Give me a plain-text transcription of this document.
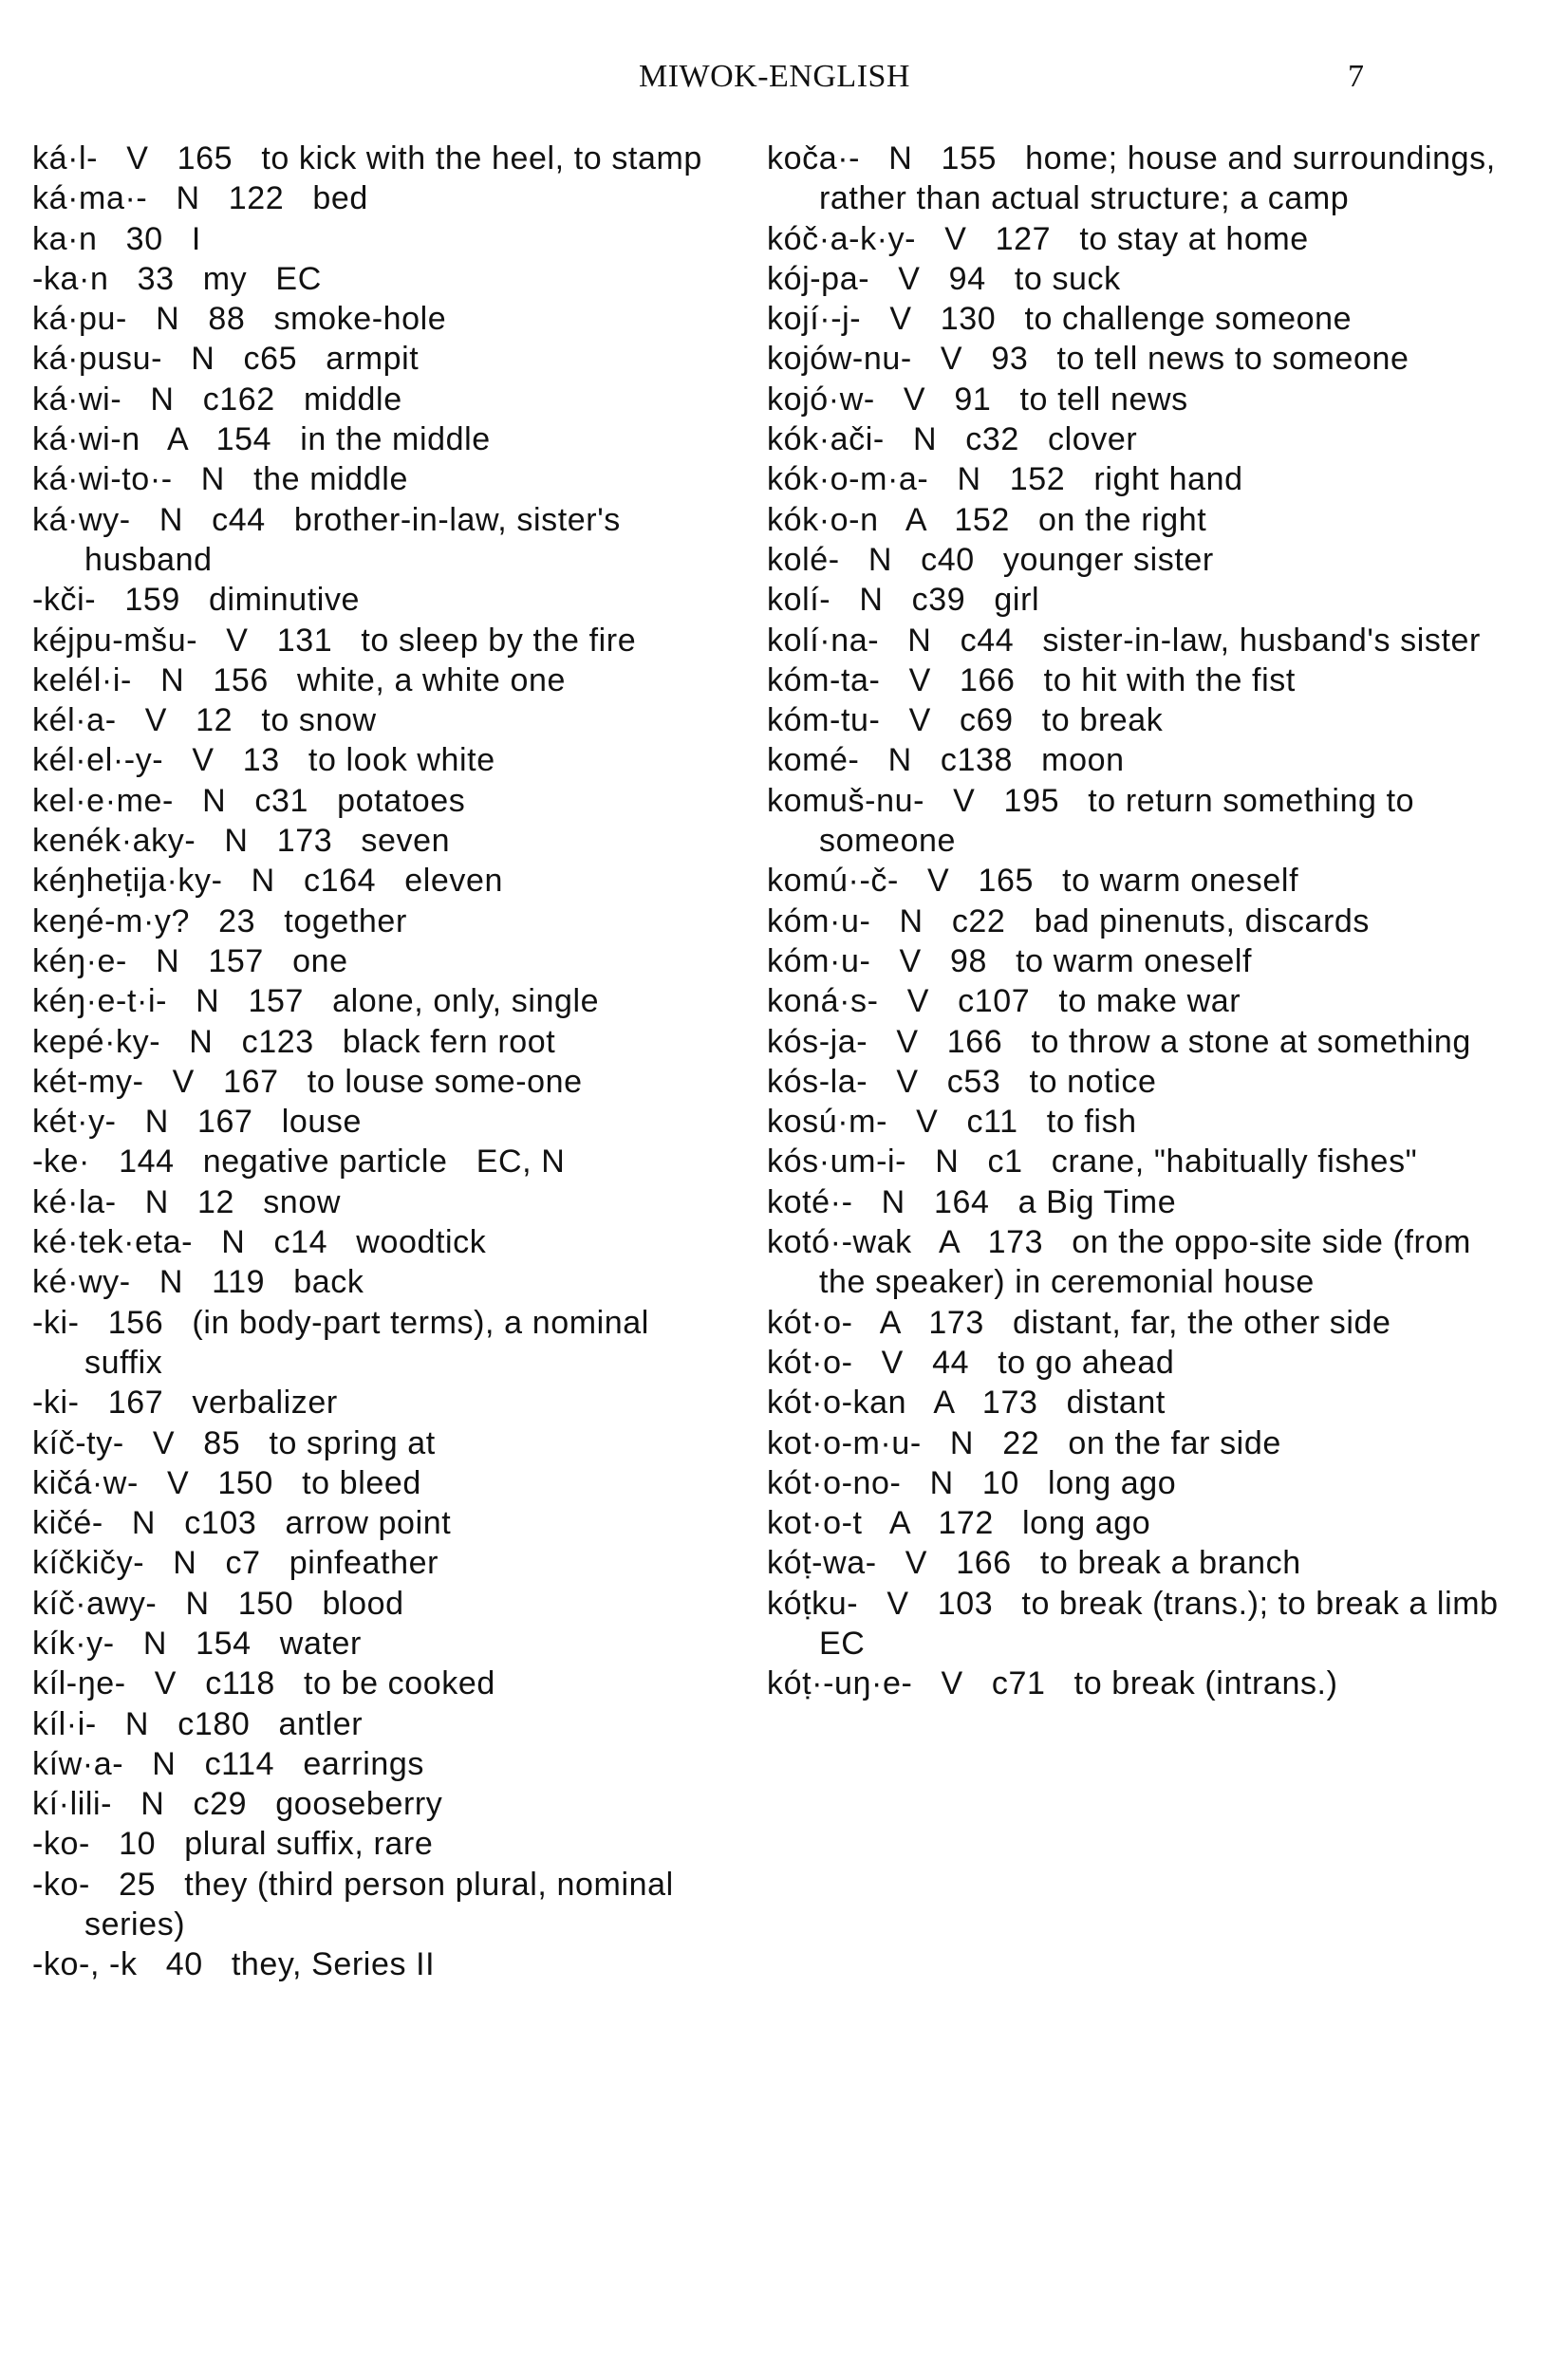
MIWOK-ENGLISH	7

ká·l-   V   165   to kick with the heel, to stamp

ká·ma·-   N   122   bed

ka·n   30   I

-ka·n   33   my   EC

ká·pu-   N   88   smoke-hole

ká·pusu-   N   c65   armpit

ká·wi-   N   c162   middle

ká·wi-n   A   154   in the middle

ká·wi-to·-   N   the middle

ká·wy-   N   c44   brother-in-law, sister's husband

-kči-   159   diminutive

kéjpu-mšu-   V   131   to sleep by the fire

kelél·i-   N   156   white, a white one

kél·a-   V   12   to snow

kél·el·-y-   V   13   to look white

kel·e·me-   N   c31   potatoes

kenék·aky-   N   173   seven

kéŋheṭija·ky-   N   c164   eleven

keŋé-m·y?   23   together

kéŋ·e-   N   157   one

kéŋ·e-t·i-   N   157   alone, only, single

kepé·ky-   N   c123   black fern root

két-my-   V   167   to louse some-one

két·y-   N   167   louse

-ke·   144   negative particle   EC, N

ké·la-   N   12   snow

ké·tek·eta-   N   c14   woodtick

ké·wy-   N   119   back

-ki-   156   (in body-part terms), a nominal suffix

-ki-   167   verbalizer

kíč-ty-   V   85   to spring at

kičá·w-   V   150   to bleed

kičé-   N   c103   arrow point

kíčkičy-   N   c7   pinfeather

kíč·awy-   N   150   blood

kík·y-   N   154   water

kíl-ŋe-   V   c118   to be cooked

kíl·i-   N   c180   antler

kíw·a-   N   c114   earrings

kí·lili-   N   c29   gooseberry

-ko-   10   plural suffix, rare

-ko-   25   they (third person plural, nominal series)

-ko-, -k   40   they, Series II

koča·-   N   155   home; house and surroundings, rather than actual structure; a camp

kóč·a-k·y-   V   127   to stay at home

kój-pa-   V   94   to suck

kojí·-j-   V   130   to challenge someone

kojów-nu-   V   93   to tell news to someone

kojó·w-   V   91   to tell news

kók·ači-   N   c32   clover

kók·o-m·a-   N   152   right hand

kók·o-n   A   152   on the right

kolé-   N   c40   younger sister

kolí-   N   c39   girl

kolí·na-   N   c44   sister-in-law, husband's sister

kóm-ta-   V   166   to hit with the fist

kóm-tu-   V   c69   to break

komé-   N   c138   moon

komuš-nu-   V   195   to return something to someone

komú·-č-   V   165   to warm oneself

kóm·u-   N   c22   bad pinenuts, discards

kóm·u-   V   98   to warm oneself

koná·s-   V   c107   to make war

kós-ja-   V   166   to throw a stone at something

kós-la-   V   c53   to notice

kosú·m-   V   c11   to fish

kós·um-i-   N   c1   crane, "habitually fishes"

koté·-   N   164   a Big Time

kotó·-wak   A   173   on the oppo-site side (from the speaker) in ceremonial house

kót·o-   A   173   distant, far, the other side

kót·o-   V   44   to go ahead

kót·o-kan   A   173   distant

kot·o-m·u-   N   22   on the far side

kót·o-no-   N   10   long ago

kot·o-t   A   172   long ago

kóṭ-wa-   V   166   to break a branch

kóṭku-   V   103   to break (trans.); to break a limb   EC

kóṭ·-uŋ·e-   V   c71   to break (intrans.)
